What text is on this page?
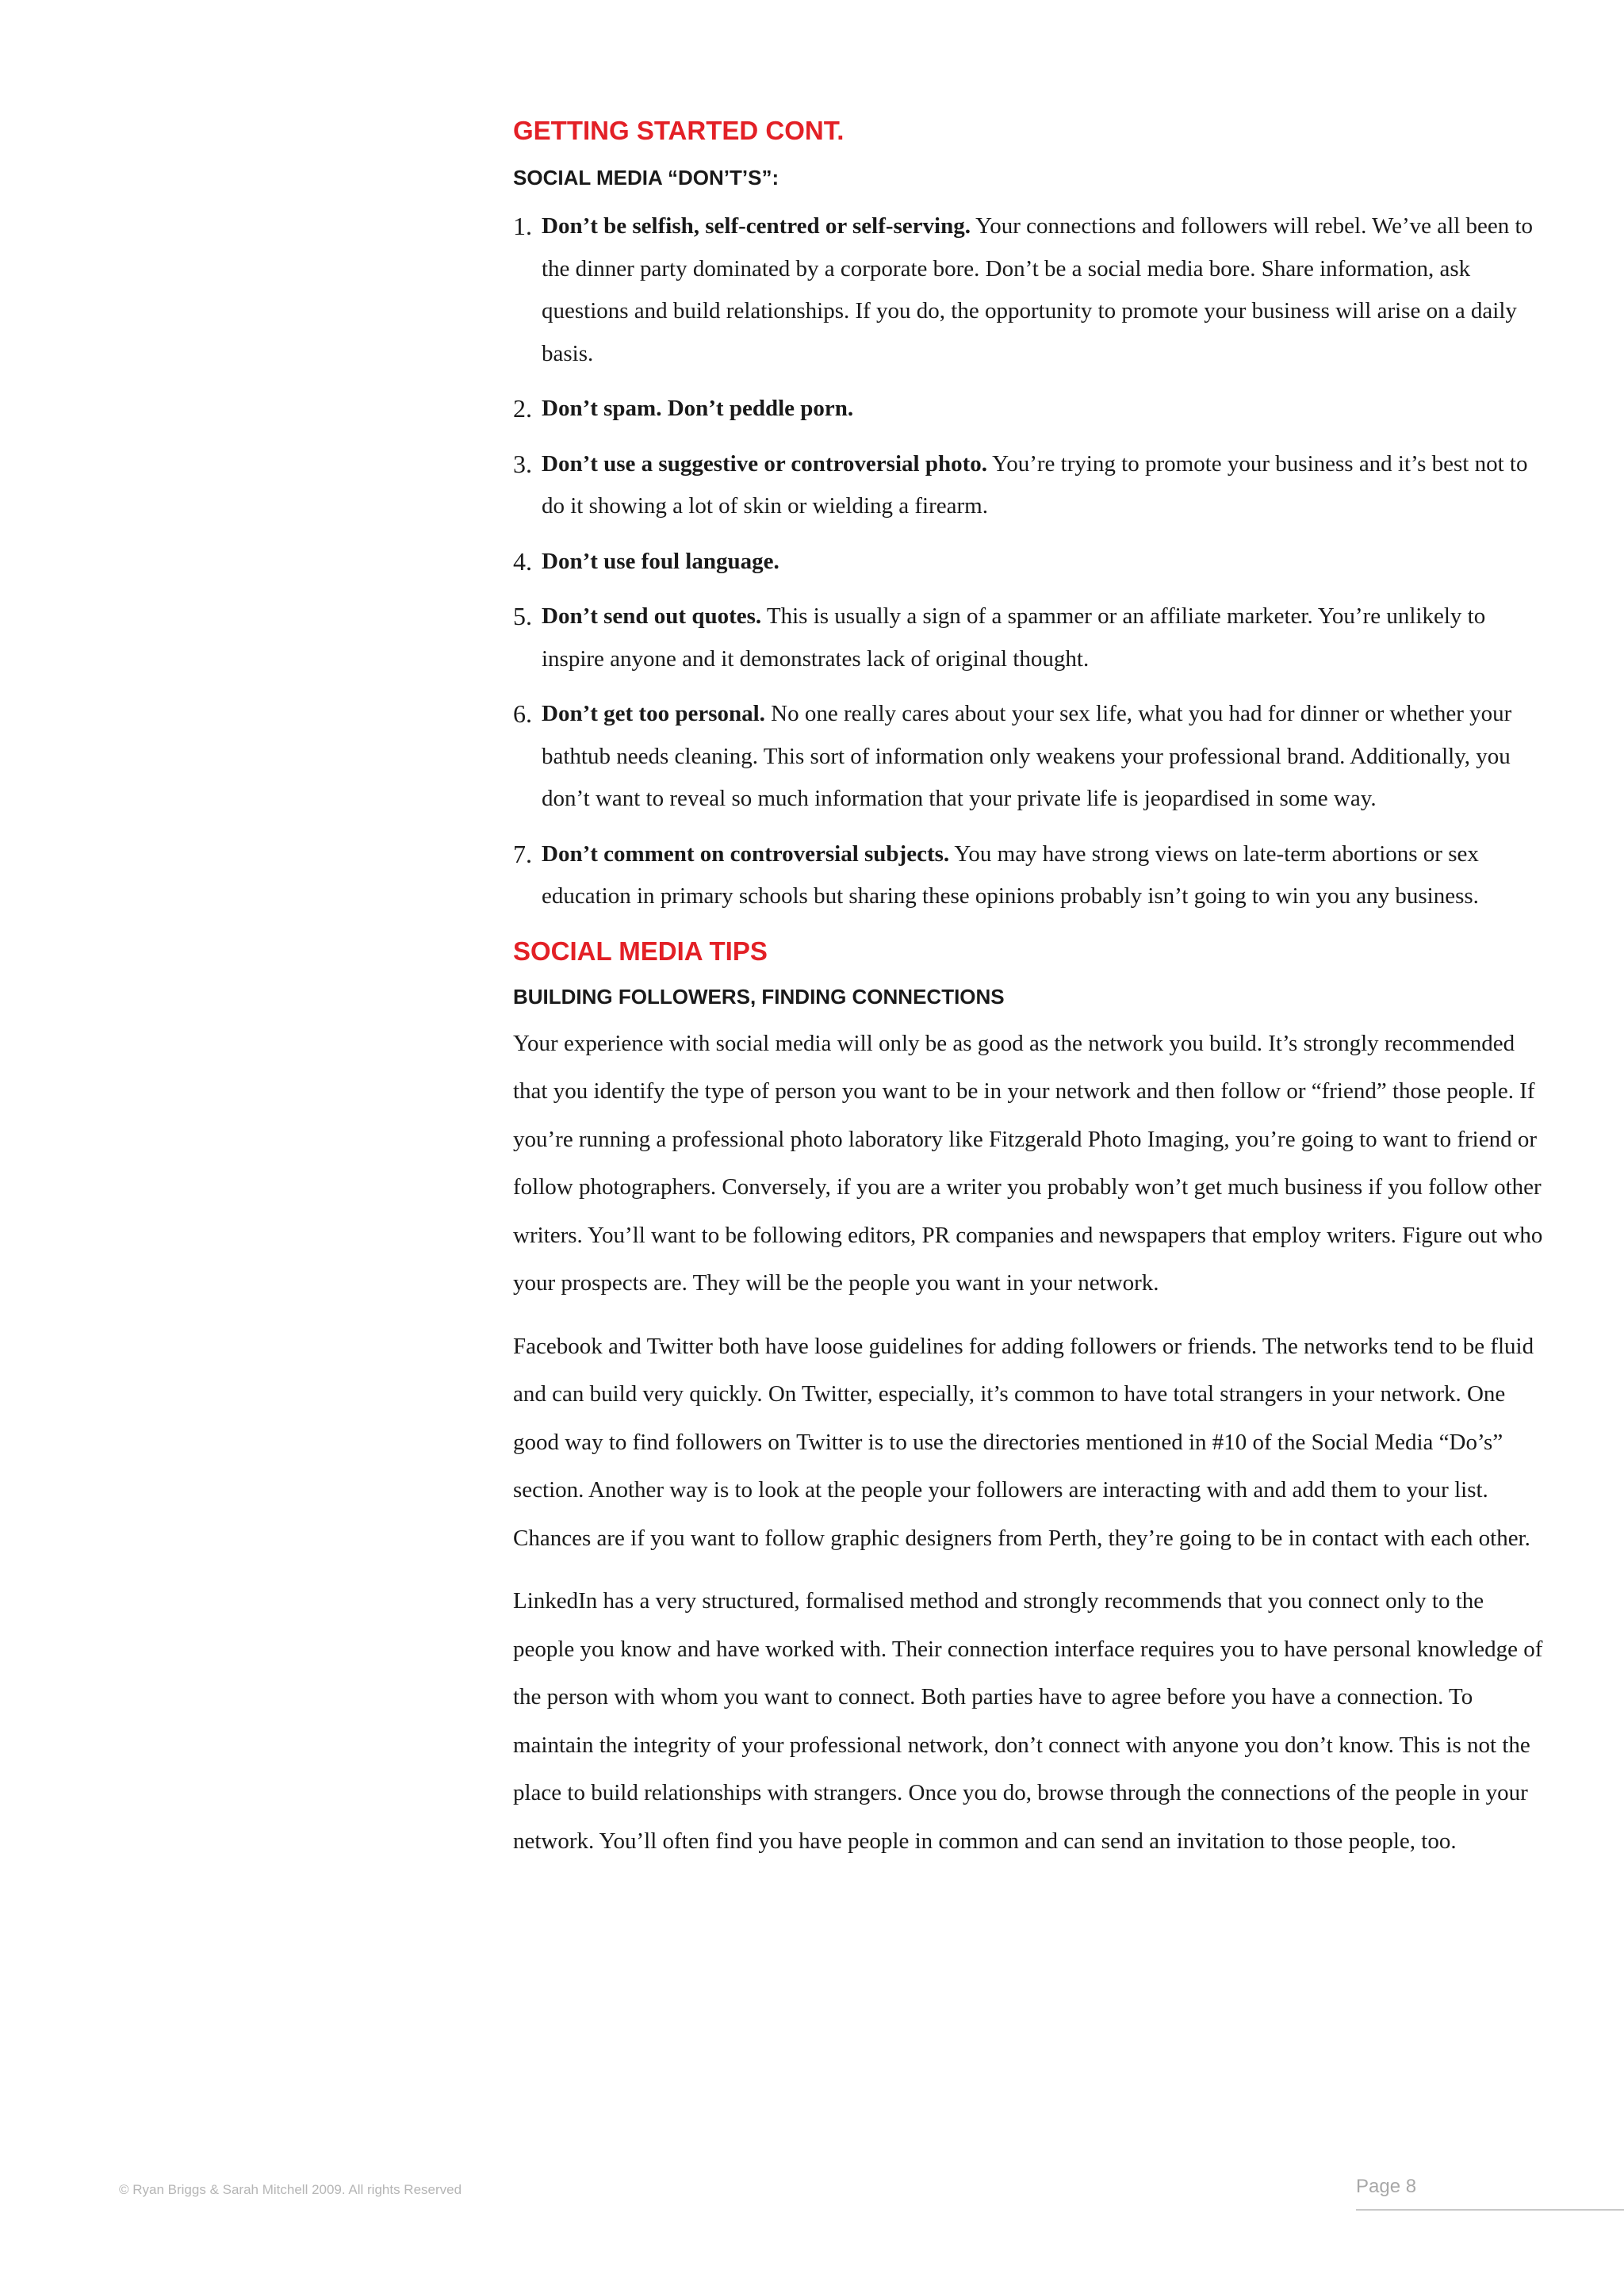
GETTING STARTED CONT.
SOCIAL MEDIA “DON’T’S”:
1. Don’t be selfish, self-centred or self-serving. Your connections and followers will rebel. We’ve all been to the dinner party dominated by a corporate bore. Don’t be a social media bore. Share information, ask questions and build relationships. If you do, the opportunity to promote your business will arise on a daily basis.
2. Don’t spam. Don’t peddle porn.
3. Don’t use a suggestive or controversial photo. You’re trying to promote your business and it’s best not to do it showing a lot of skin or wielding a firearm.
4. Don’t use foul language.
5. Don’t send out quotes. This is usually a sign of a spammer or an affiliate marketer. You’re unlikely to inspire anyone and it demonstrates lack of original thought.
6. Don’t get too personal. No one really cares about your sex life, what you had for dinner or whether your bathtub needs cleaning. This sort of information only weakens your professional brand. Additionally, you don’t want to reveal so much information that your private life is jeopardised in some way.
7. Don’t comment on controversial subjects. You may have strong views on late-term abortions or sex education in primary schools but sharing these opinions probably isn’t going to win you any business.
SOCIAL MEDIA TIPS
BUILDING FOLLOWERS, FINDING CONNECTIONS

Your experience with social media will only be as good as the network you build. It’s strongly recommended that you identify the type of person you want to be in your network and then follow or “friend” those people. If you’re running a professional photo laboratory like Fitzgerald Photo Imaging, you’re going to want to friend or follow photographers. Conversely, if you are a writer you probably won’t get much business if you follow other writers. You’ll want to be following editors, PR companies and newspapers that employ writers. Figure out who your prospects are. They will be the people you want in your network.

Facebook and Twitter both have loose guidelines for adding followers or friends. The networks tend to be fluid and can build very quickly. On Twitter, especially, it’s common to have total strangers in your network. One good way to find followers on Twitter is to use the directories mentioned in #10 of the Social Media “Do’s” section. Another way is to look at the people your followers are interacting with and add them to your list. Chances are if you want to follow graphic designers from Perth, they’re going to be in contact with each other.

LinkedIn has a very structured, formalised method and strongly recommends that you connect only to the people you know and have worked with. Their connection interface requires you to have personal knowledge of the person with whom you want to connect. Both parties have to agree before you have a connection. To maintain the integrity of your professional network, don’t connect with anyone you don’t know. This is not the place to build relationships with strangers. Once you do, browse through the connections of the people in your network. You’ll often find you have people in common and can send an invitation to those people, too.

© Ryan Briggs & Sarah Mitchell 2009. All rights Reserved	Page 8
